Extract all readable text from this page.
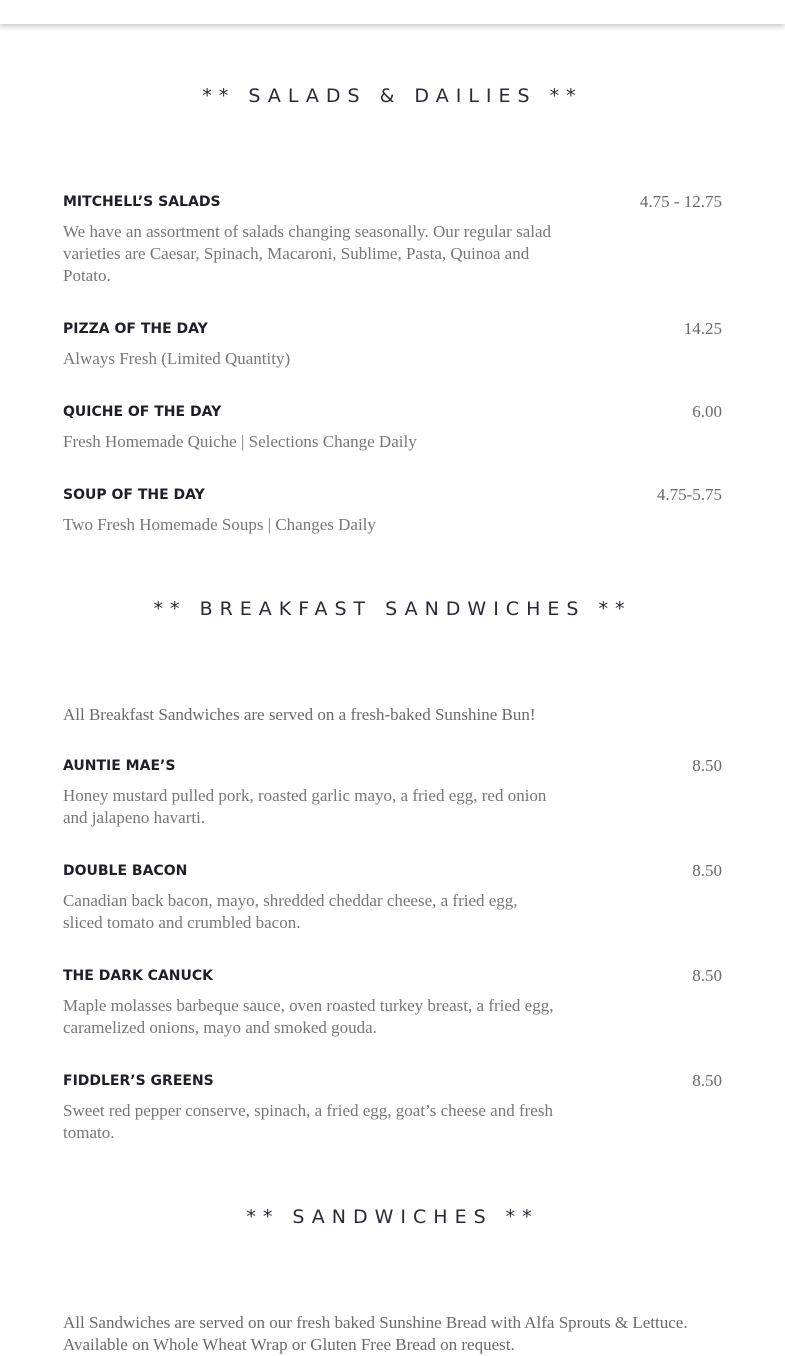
** SALADS & DAILIES **
MITCHELL’S SALADS	4.75 - 12.75
We have an assortment of salads changing seasonally. Our regular salad varieties are Caesar, Spinach, Macaroni, Sublime, Pasta, Quinoa and Potato.
PIZZA OF THE DAY	14.25
Always Fresh (Limited Quantity)
QUICHE OF THE DAY	6.00
Fresh Homemade Quiche | Selections Change Daily
SOUP OF THE DAY	4.75-5.75
Two Fresh Homemade Soups | Changes Daily
** BREAKFAST SANDWICHES **
All Breakfast Sandwiches are served on a fresh-baked Sunshine Bun!
AUNTIE MAE’S	8.50
Honey mustard pulled pork, roasted garlic mayo, a fried egg, red onion and jalapeno havarti.
DOUBLE BACON	8.50
Canadian back bacon, mayo, shredded cheddar cheese, a fried egg, sliced tomato and crumbled bacon.
THE DARK CANUCK	8.50
Maple molasses barbeque sauce, oven roasted turkey breast, a fried egg, caramelized onions, mayo and smoked gouda.
FIDDLER’S GREENS	8.50
Sweet red pepper conserve, spinach, a fried egg, goat’s cheese and fresh tomato.
** SANDWICHES **
All Sandwiches are served on our fresh baked Sunshine Bread with Alfa Sprouts & Lettuce. Available on Whole Wheat Wrap or Gluten Free Bread on request.
